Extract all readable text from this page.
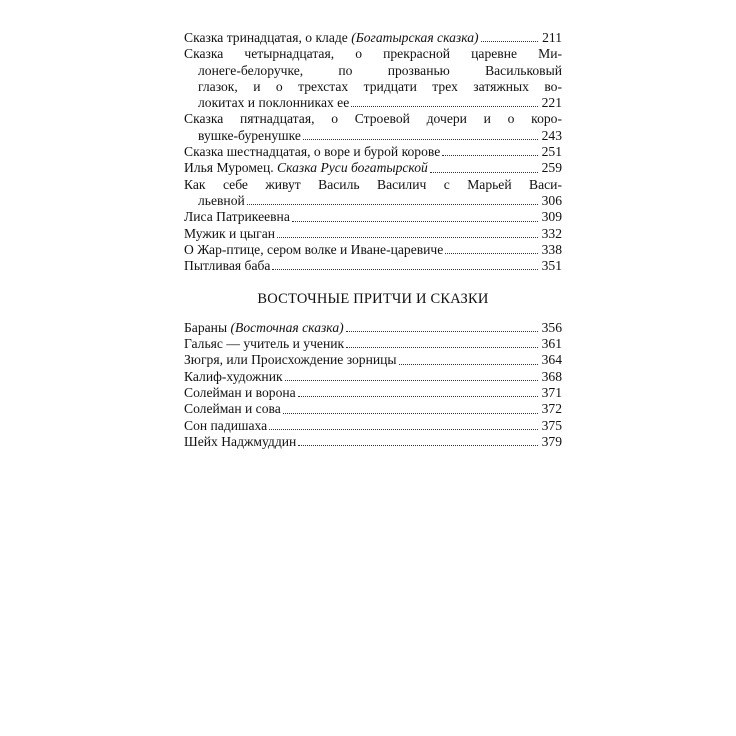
Сказка тринадцатая, о кладе (Богатырская сказка)	211
Сказка четырнадцатая, о прекрасной царевне Ми-
лонеге-белоручке, по прозванью Васильковый
глазок, и о трехстах тридцати трех затяжных во-
локитах и поклонниках ее	221
Сказка пятнадцатая, о Строевой дочери и о коро-
вушке-буренушке	243
Сказка шестнадцатая, о воре и бурой корове	251
Илья Муромец. Сказка Руси богатырской	259
Как себе живут Василь Василич с Марьей Васи-
льевной	306
Лиса Патрикеевна	309
Мужик и цыган	332
О Жар-птице, сером волке и Иване-царевиче	338
Пытливая баба	351
ВОСТОЧНЫЕ ПРИТЧИ И СКАЗКИ
Бараны (Восточная сказка)	356
Гальяс — учитель и ученик	361
Зюгря, или Происхождение зорницы	364
Калиф-художник	368
Солейман и ворона	371
Солейман и сова	372
Сон падишаха	375
Шейх Наджмуддин	379
